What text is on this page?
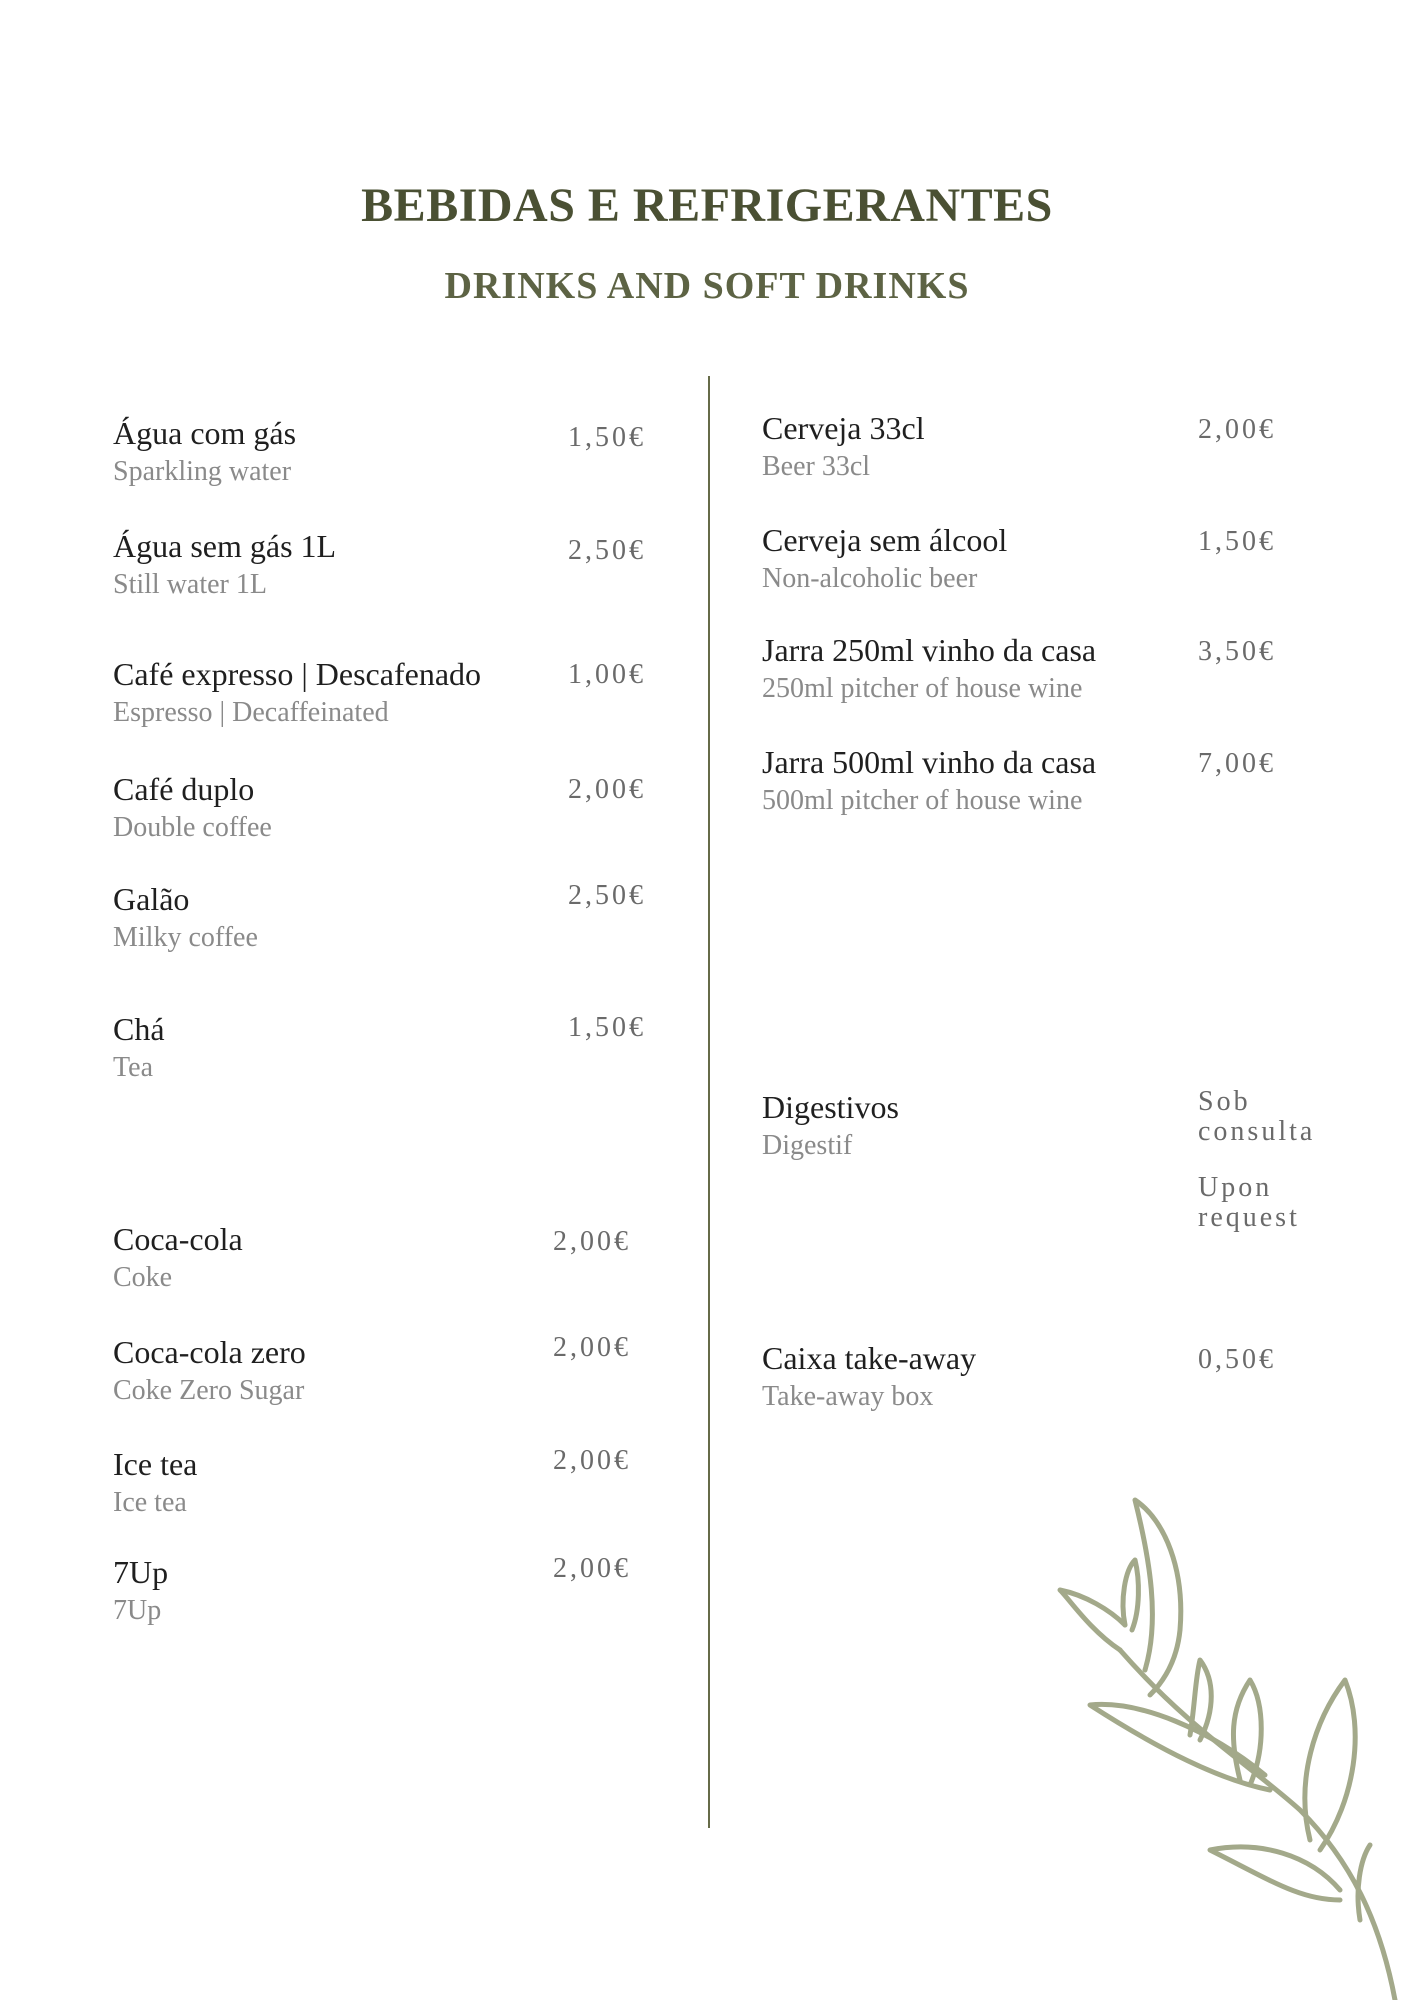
BEBIDAS E REFRIGERANTES
DRINKS AND SOFT DRINKS
Água com gás
Sparkling water
1,50€
Água sem gás 1L
Still water 1L
2,50€
Café expresso | Descafenado
Espresso | Decaffeinated
1,00€
Café duplo
Double coffee
2,00€
Galão
Milky coffee
2,50€
Chá
Tea
1,50€
Coca-cola
Coke
2,00€
Coca-cola zero
Coke Zero Sugar
2,00€
Ice tea
Ice tea
2,00€
7Up
7Up
2,00€
Cerveja 33cl
Beer 33cl
2,00€
Cerveja sem álcool
Non-alcoholic beer
1,50€
Jarra 250ml vinho da casa
250ml pitcher of house wine
3,50€
Jarra 500ml vinho da casa
500ml pitcher of house wine
7,00€
Digestivos
Digestif
Sob
consulta
Upon
request
Caixa take-away
Take-away box
0,50€
